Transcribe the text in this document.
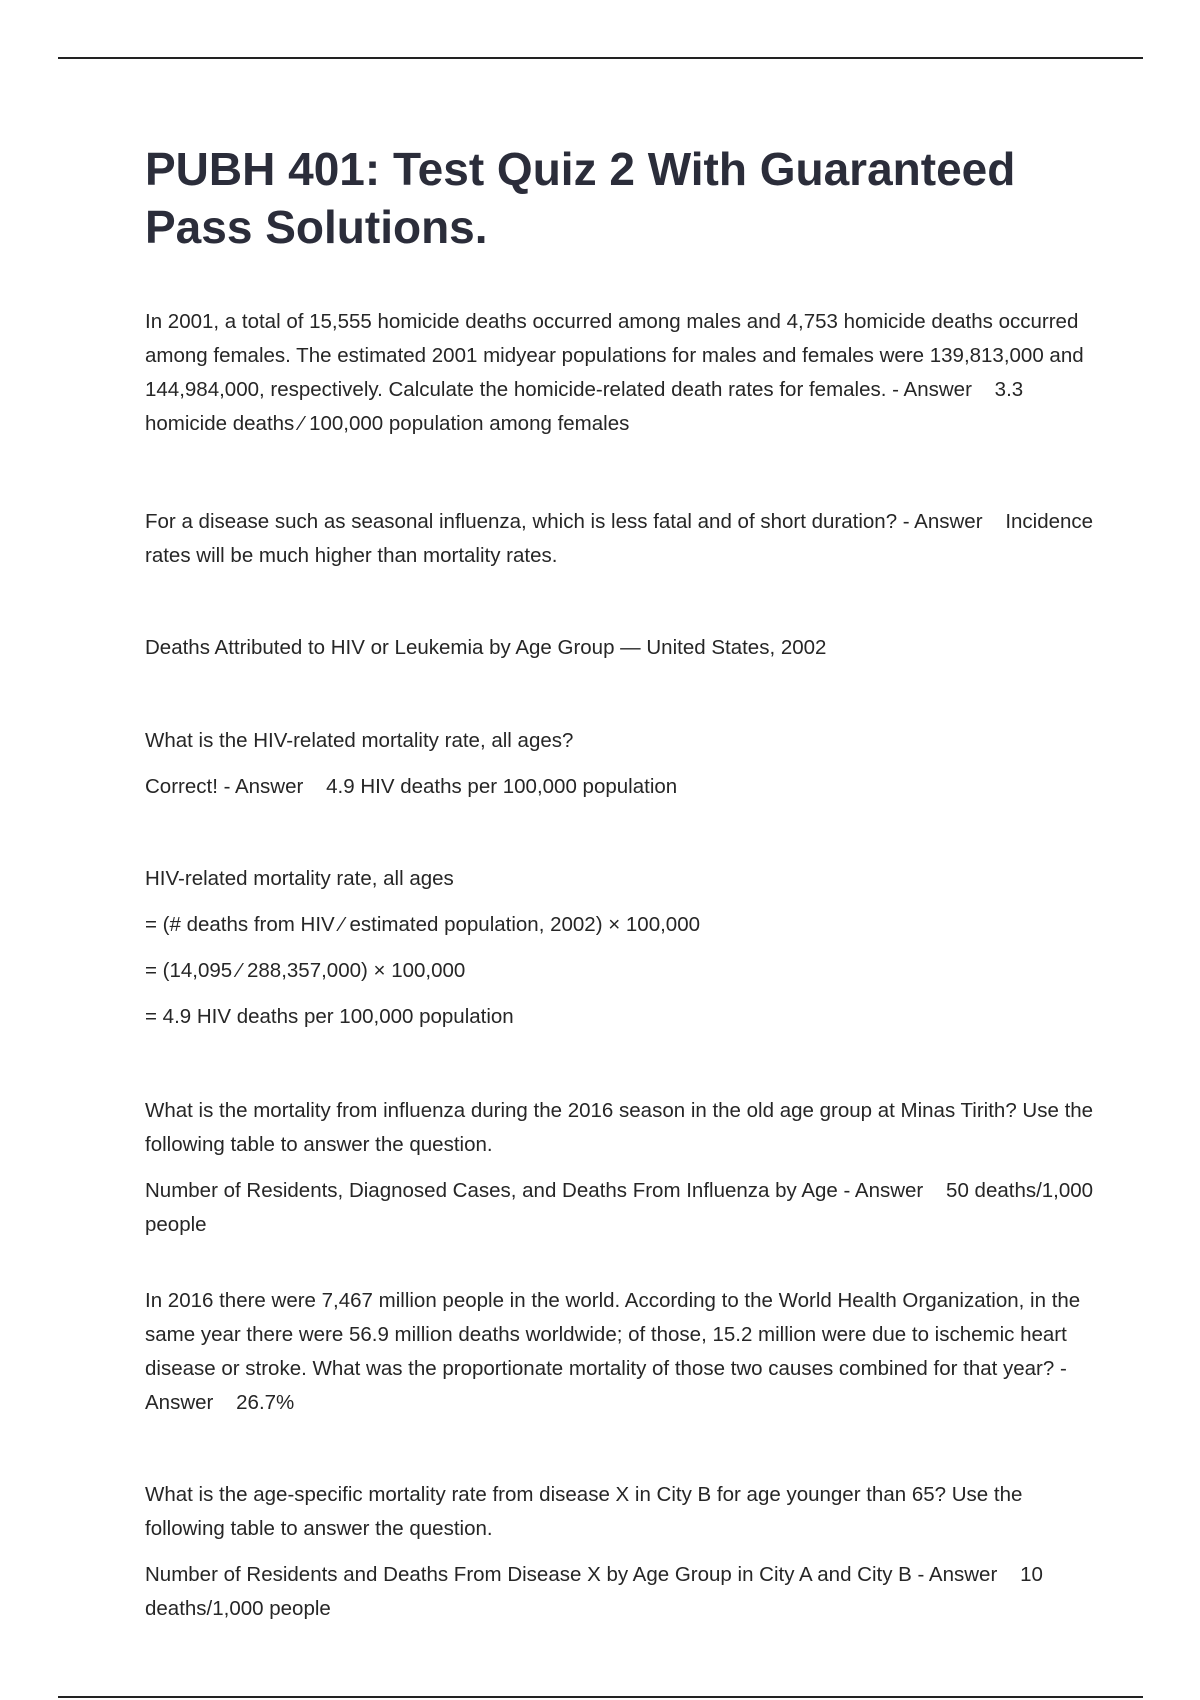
PUBH 401: Test Quiz 2 With Guaranteed Pass Solutions.

In 2001, a total of 15,555 homicide deaths occurred among males and 4,753 homicide deaths occurred among females. The estimated 2001 midyear populations for males and females were 139,813,000 and 144,984,000, respectively. Calculate the homicide-related death rates for females. - Answer    3.3 homicide deaths ⁄ 100,000 population among females

For a disease such as seasonal influenza, which is less fatal and of short duration? - Answer    Incidence rates will be much higher than mortality rates.

Deaths Attributed to HIV or Leukemia by Age Group — United States, 2002

What is the HIV-related mortality rate, all ages?

Correct! - Answer    4.9 HIV deaths per 100,000 population

HIV-related mortality rate, all ages

= (# deaths from HIV ⁄ estimated population, 2002) × 100,000

= (14,095 ⁄ 288,357,000) × 100,000

= 4.9 HIV deaths per 100,000 population

What is the mortality from influenza during the 2016 season in the old age group at Minas Tirith? Use the following table to answer the question.

Number of Residents, Diagnosed Cases, and Deaths From Influenza by Age - Answer    50 deaths/1,000 people

In 2016 there were 7,467 million people in the world. According to the World Health Organization, in the same year there were 56.9 million deaths worldwide; of those, 15.2 million were due to ischemic heart disease or stroke. What was the proportionate mortality of those two causes combined for that year? - Answer    26.7%

What is the age-specific mortality rate from disease X in City B for age younger than 65? Use the following table to answer the question.

Number of Residents and Deaths From Disease X by Age Group in City A and City B - Answer    10 deaths/1,000 people
